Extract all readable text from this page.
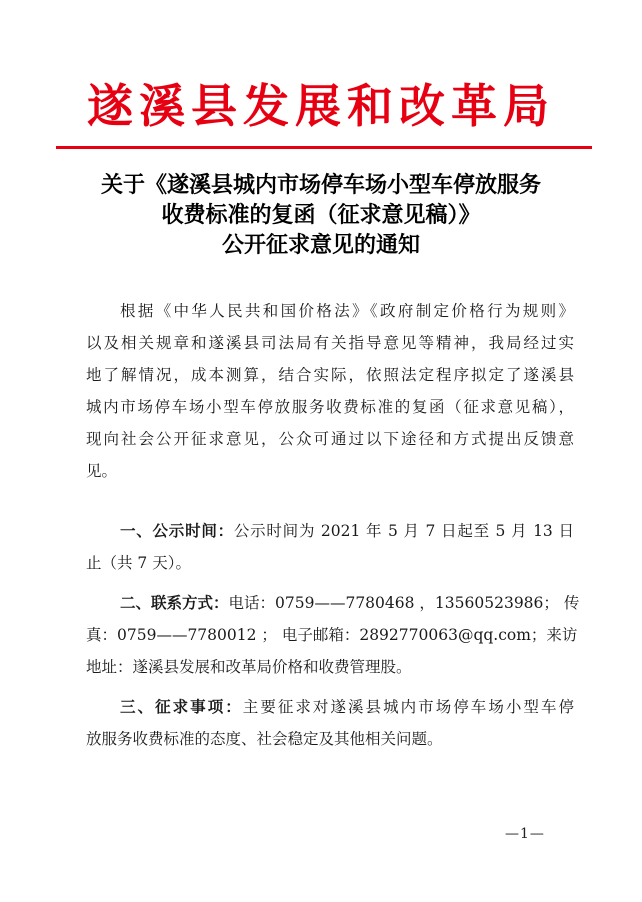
遂溪县发展和改革局
关于《遂溪县城内市场停车场小型车停放服务
收费标准的复函（征求意见稿）》
公开征求意见的通知
根据《中华人民共和国价格法》《政府制定价格行为规则》
以及相关规章和遂溪县司法局有关指导意见等精神，我局经过实
地了解情况，成本测算，结合实际，依照法定程序拟定了遂溪县
城内市场停车场小型车停放服务收费标准的复函（征求意见稿），
现向社会公开征求意见，公众可通过以下途径和方式提出反馈意
见。
一、公示时间：公示时间为 2021 年 5 月 7 日起至 5 月 13 日
止（共 7 天）。
二、联系方式：电话：0759——7780468 ，13560523986； 传
真：0759——7780012 ； 电子邮箱：2892770063@qq.com；来访
地址：遂溪县发展和改革局价格和收费管理股。
三、征求事项：主要征求对遂溪县城内市场停车场小型车停
放服务收费标准的态度、社会稳定及其他相关问题。
—1—
